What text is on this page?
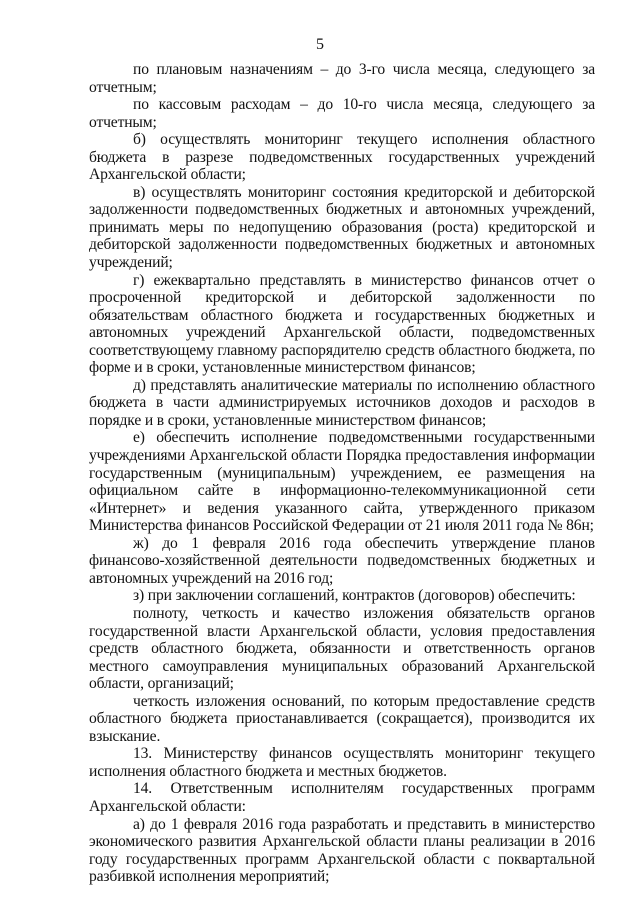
5

по плановым назначениям – до 3-го числа месяца, следующего за отчетным;

по кассовым расходам – до 10-го числа месяца, следующего за отчетным;

б) осуществлять мониторинг текущего исполнения областного бюджета в разрезе подведомственных государственных учреждений Архангельской области;

в) осуществлять мониторинг состояния кредиторской и дебиторской задолженности подведомственных бюджетных и автономных учреждений, принимать меры по недопущению образования (роста) кредиторской и дебиторской задолженности подведомственных бюджетных и автономных учреждений;

г) ежеквартально представлять в министерство финансов отчет о просроченной кредиторской и дебиторской задолженности по обязательствам областного бюджета и государственных бюджетных и автономных учреждений Архангельской области, подведомственных соответствующему главному распорядителю средств областного бюджета, по форме и в сроки, установленные министерством финансов;

д) представлять аналитические материалы по исполнению областного бюджета в части администрируемых источников доходов и расходов в порядке и в сроки, установленные министерством финансов;

е) обеспечить исполнение подведомственными государственными учреждениями Архангельской области Порядка предоставления информации государственным (муниципальным) учреждением, ее размещения на официальном сайте в информационно-телекоммуникационной сети «Интернет» и ведения указанного сайта, утвержденного приказом Министерства финансов Российской Федерации от 21 июля 2011 года № 86н;

ж) до 1 февраля 2016 года обеспечить утверждение планов финансово-хозяйственной деятельности подведомственных бюджетных и автономных учреждений на 2016 год;

з) при заключении соглашений, контрактов (договоров) обеспечить:

полноту, четкость и качество изложения обязательств органов государственной власти Архангельской области, условия предоставления средств областного бюджета, обязанности и ответственность органов местного самоуправления муниципальных образований Архангельской области, организаций;

четкость изложения оснований, по которым предоставление средств областного бюджета приостанавливается (сокращается), производится их взыскание.

13. Министерству финансов осуществлять мониторинг текущего исполнения областного бюджета и местных бюджетов.

14. Ответственным исполнителям государственных программ Архангельской области:

а) до 1 февраля 2016 года разработать и представить в министерство экономического развития Архангельской области планы реализации в 2016 году государственных программ Архангельской области с поквартальной разбивкой исполнения мероприятий;
